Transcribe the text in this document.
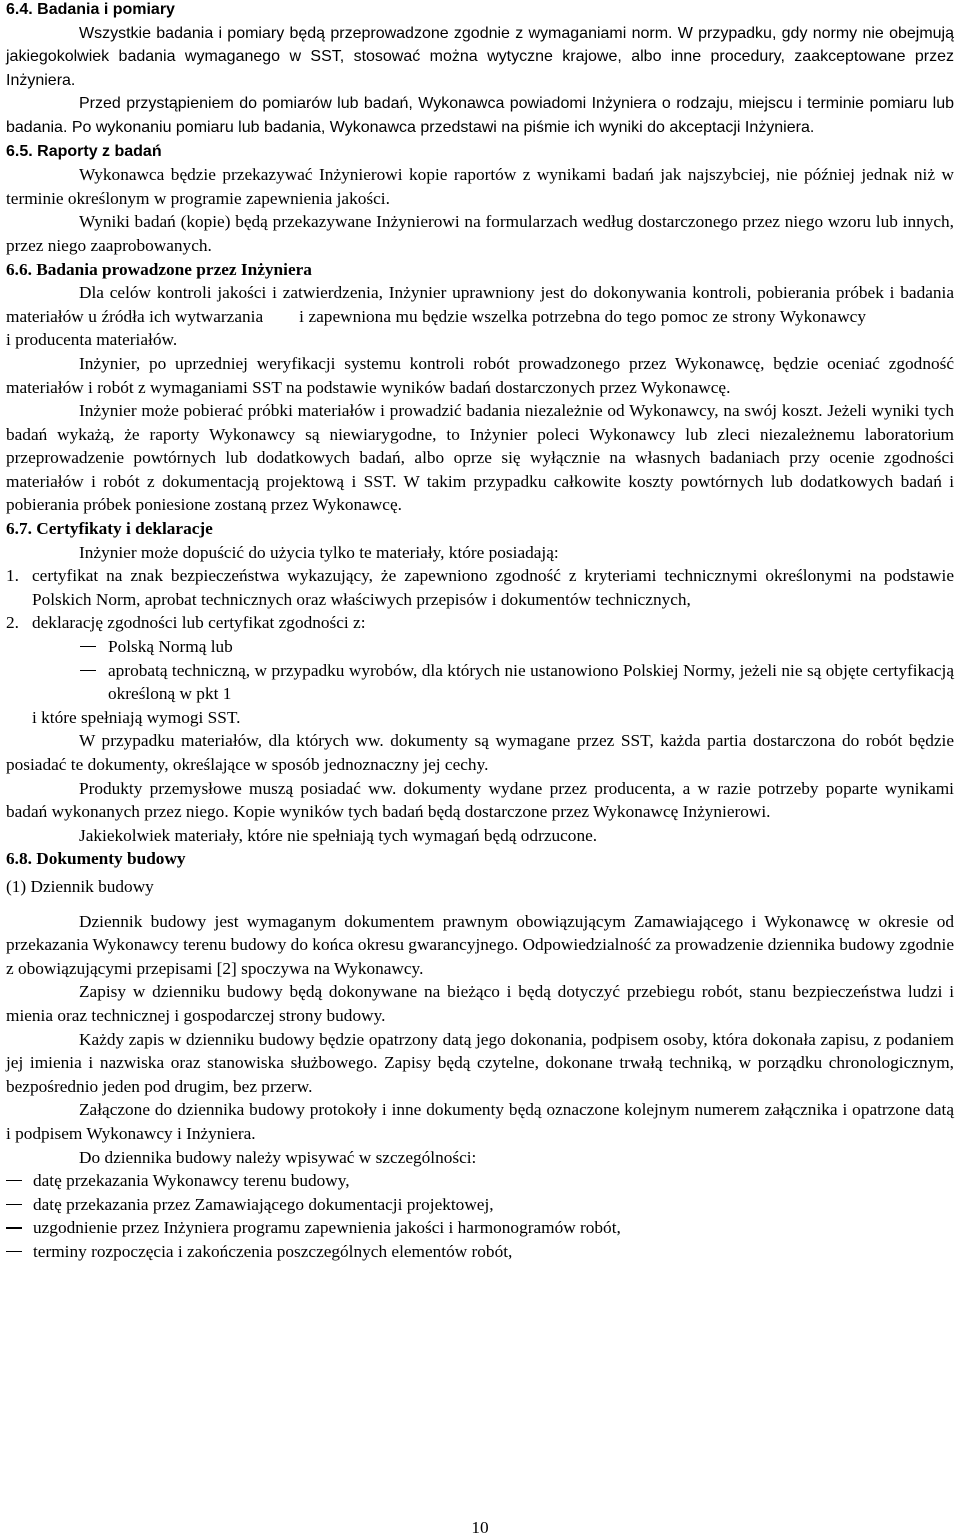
6.4. Badania i pomiary

Wszystkie badania i pomiary będą przeprowadzone zgodnie z wymaganiami norm. W przypadku, gdy normy nie obejmują jakiegokolwiek badania wymaganego w SST, stosować można wytyczne krajowe, albo inne procedury, zaakceptowane przez Inżyniera.

Przed przystąpieniem do pomiarów lub badań, Wykonawca powiadomi Inżyniera o rodzaju, miejscu i terminie pomiaru lub badania. Po wykonaniu pomiaru lub badania, Wykonawca przedstawi na piśmie ich wyniki do akceptacji Inżyniera.

6.5. Raporty z badań

Wykonawca będzie przekazywać Inżynierowi kopie raportów z wynikami badań jak najszybciej, nie później jednak niż w terminie określonym w programie zapewnienia jakości.

Wyniki badań (kopie) będą przekazywane Inżynierowi na formularzach według dostarczonego przez niego wzoru lub innych, przez niego zaaprobowanych.

6.6. Badania prowadzone przez Inżyniera

Dla celów kontroli jakości i zatwierdzenia, Inżynier uprawniony jest do dokonywania kontroli, pobierania próbek i badania materiałów u źródła ich wytwarzania i zapewniona mu będzie wszelka potrzebna do tego pomoc ze strony Wykonawcyi producenta materiałów.

Inżynier, po uprzedniej weryfikacji systemu kontroli robót prowadzonego przez Wykonawcę, będzie oceniać zgodność materiałów i robót z wymaganiami SST na podstawie wyników badań dostarczonych przez Wykonawcę.

Inżynier może pobierać próbki materiałów i prowadzić badania niezależnie od Wykonawcy, na swój koszt. Jeżeli wyniki tych badań wykażą, że raporty Wykonawcy są niewiarygodne, to Inżynier poleci Wykonawcy lub zleci niezależnemu laboratorium przeprowadzenie powtórnych lub dodatkowych badań, albo oprze się wyłącznie na własnych badaniach przy ocenie zgodności materiałów i robót z dokumentacją projektową i SST. W takim przypadku całkowite koszty powtórnych lub dodatkowych badań i pobierania próbek poniesione zostaną przez Wykonawcę.

6.7. Certyfikaty i deklaracje

Inżynier może dopuścić do użycia tylko te materiały, które posiadają:

1. certyfikat na znak bezpieczeństwa wykazujący, że zapewniono zgodność z kryteriami technicznymi określonymi na podstawie Polskich Norm, aprobat technicznych oraz właściwych przepisów i dokumentów technicznych,
2. deklarację zgodności lub certyfikat zgodności z:
Polską Normą lub
aprobatą techniczną, w przypadku wyrobów, dla których nie ustanowiono Polskiej Normy, jeżeli nie są objęte certyfikacją określoną w pkt 1

i które spełniają wymogi SST.

W przypadku materiałów, dla których ww. dokumenty są wymagane przez SST, każda partia dostarczona do robót będzie posiadać te dokumenty, określające w sposób jednoznaczny jej cechy.

Produkty przemysłowe muszą posiadać ww. dokumenty wydane przez producenta, a w razie potrzeby poparte wynikami badań wykonanych przez niego. Kopie wyników tych badań będą dostarczone przez Wykonawcę Inżynierowi.

Jakiekolwiek materiały, które nie spełniają tych wymagań będą odrzucone.

6.8. Dokumenty budowy

(1) Dziennik budowy

Dziennik budowy jest wymaganym dokumentem prawnym obowiązującym Zamawiającego i Wykonawcę w okresie od przekazania Wykonawcy terenu budowy do końca okresu gwarancyjnego. Odpowiedzialność za prowadzenie dziennika budowy zgodnie z obowiązującymi przepisami [2] spoczywa na Wykonawcy.

Zapisy w dzienniku budowy będą dokonywane na bieżąco i będą dotyczyć przebiegu robót, stanu bezpieczeństwa ludzi i mienia oraz technicznej i gospodarczej strony budowy.

Każdy zapis w dzienniku budowy będzie opatrzony datą jego dokonania, podpisem osoby, która dokonała zapisu, z podaniem jej imienia i nazwiska oraz stanowiska służbowego. Zapisy będą czytelne, dokonane trwałą techniką, w porządku chronologicznym, bezpośrednio jeden pod drugim, bez przerw.

Załączone do dziennika budowy protokoły i inne dokumenty będą oznaczone kolejnym numerem załącznika i opatrzone datą i podpisem Wykonawcy i Inżyniera.

Do dziennika budowy należy wpisywać w szczególności:

datę przekazania Wykonawcy terenu budowy,
datę przekazania przez Zamawiającego dokumentacji projektowej,
uzgodnienie przez Inżyniera programu zapewnienia jakości i harmonogramów robót,
terminy rozpoczęcia i zakończenia poszczególnych elementów robót,
10
